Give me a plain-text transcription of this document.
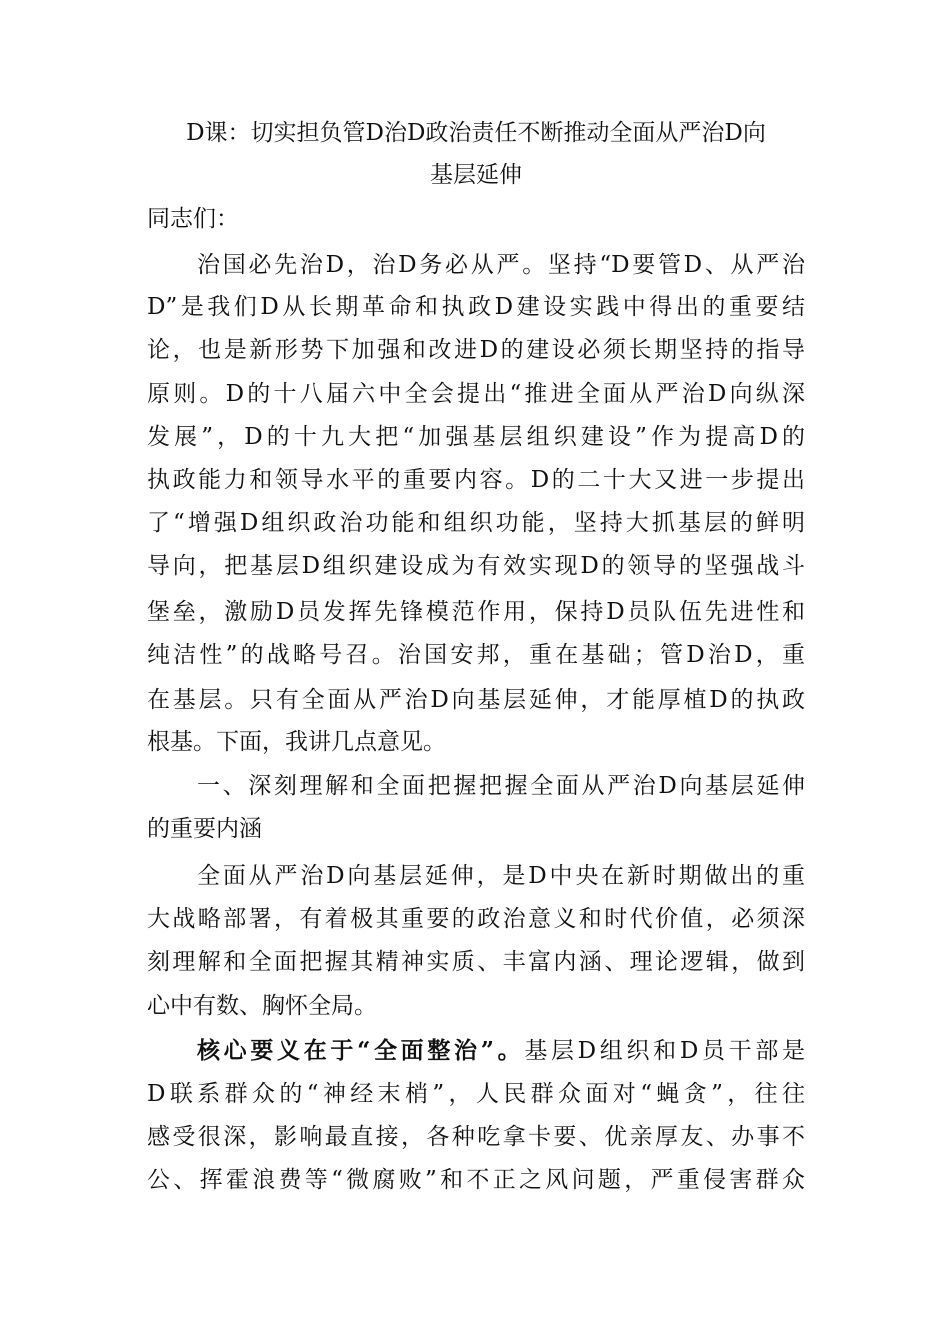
D课：切实担负管D治D政治责任不断推动全面从严治D向
基层延伸
同志们：
治国必先治D，治D务必从严。坚持“D要管D、从严治
D”是我们D从长期革命和执政D建设实践中得出的重要结
论，也是新形势下加强和改进D的建设必须长期坚持的指导
原则。D的十八届六中全会提出“推进全面从严治D向纵深
发展”，D的十九大把“加强基层组织建设”作为提高D的
执政能力和领导水平的重要内容。D的二十大又进一步提出
了“增强D组织政治功能和组织功能，坚持大抓基层的鲜明
导向，把基层D组织建设成为有效实现D的领导的坚强战斗
堡垒，激励D员发挥先锋模范作用，保持D员队伍先进性和
纯洁性”的战略号召。治国安邦，重在基础；管D治D，重
在基层。只有全面从严治D向基层延伸，才能厚植D的执政
根基。下面，我讲几点意见。
一、深刻理解和全面把握把握全面从严治D向基层延伸
的重要内涵
全面从严治D向基层延伸，是D中央在新时期做出的重
大战略部署，有着极其重要的政治意义和时代价值，必须深
刻理解和全面把握其精神实质、丰富内涵、理论逻辑，做到
心中有数、胸怀全局。
核心要义在于“全面整治”。基层D组织和D员干部是
D联系群众的“神经末梢”，人民群众面对“蝇贪”，往往
感受很深，影响最直接，各种吃拿卡要、优亲厚友、办事不
公、挥霍浪费等“微腐败”和不正之风问题，严重侵害群众
